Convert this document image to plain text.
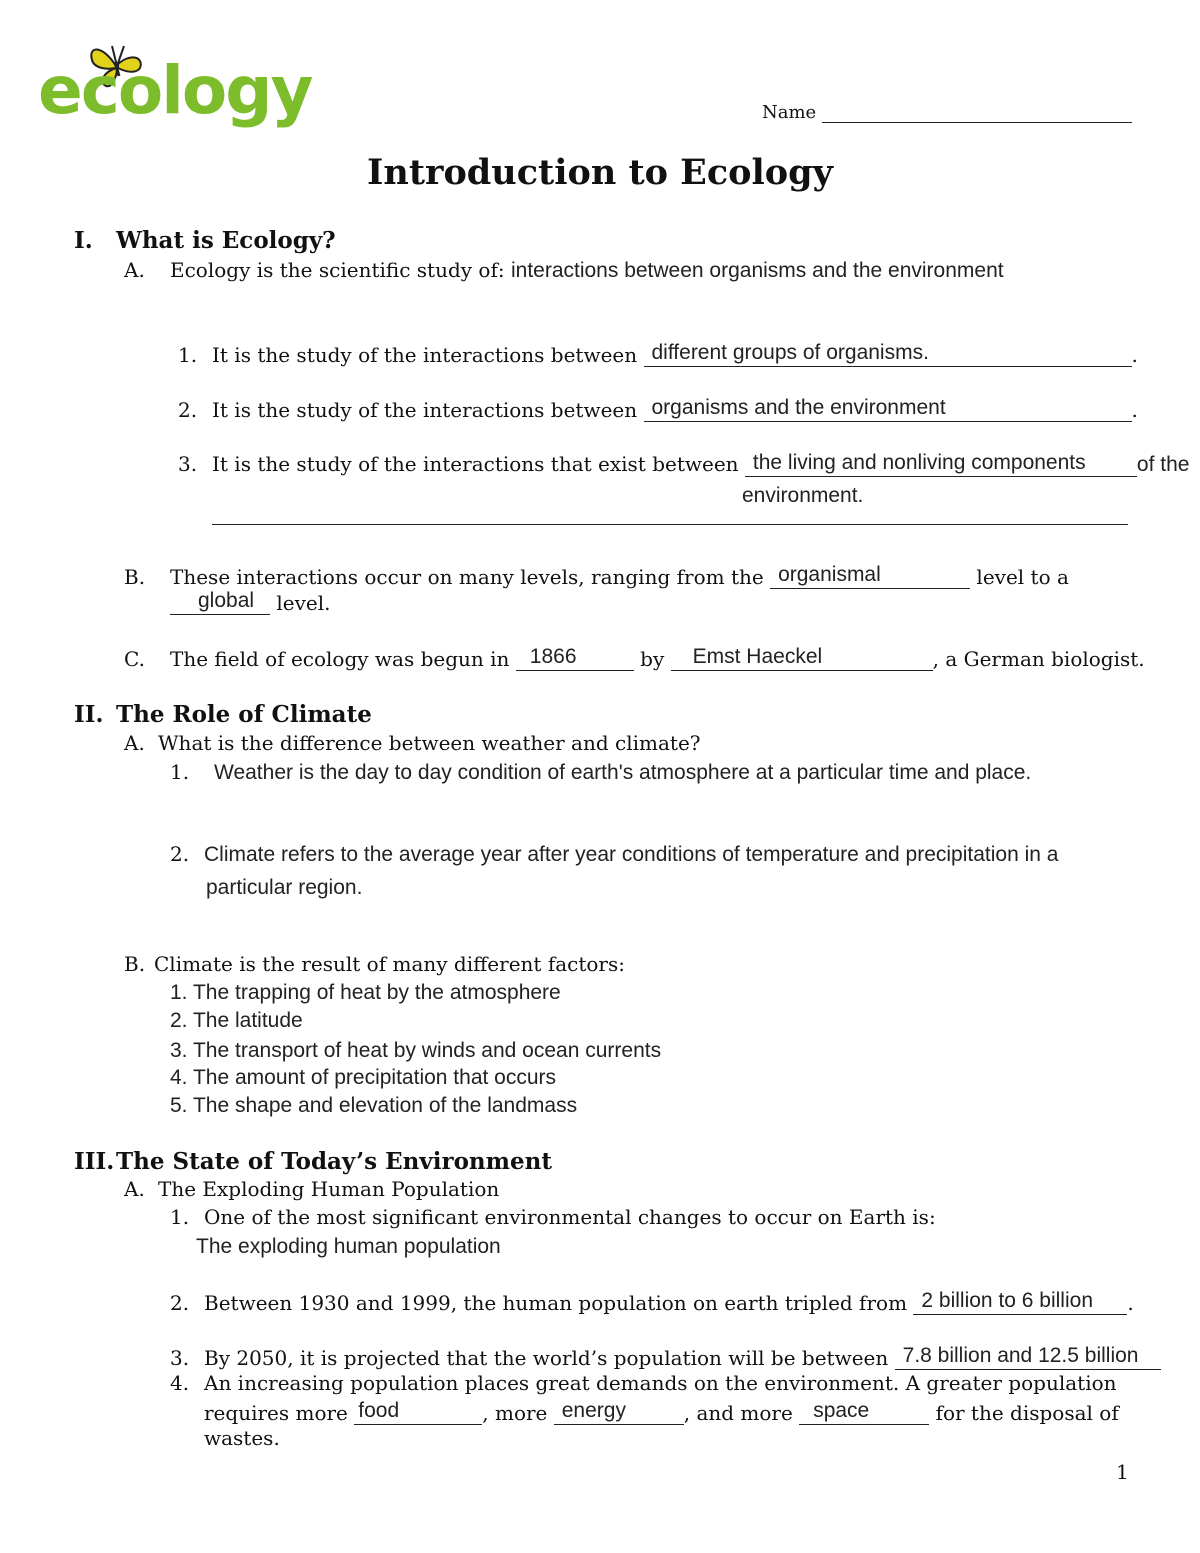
ecology	Name
Introduction to Ecology
I. What is Ecology?
A. Ecology is the scientific study of: interactions between organisms and the environment
1. It is the study of the interactions between different groups of organisms.	.
2. It is the study of the interactions between organisms and the environment	.
3. It is the study of the interactions that exist between the living and nonliving components of the
environment.
B. These interactions occur on many levels, ranging from the organismal	level to a
global level.
C. The field of ecology was begun in 1866	by Emst Haeckel	, a German biologist.
II. The Role of Climate
A. What is the difference between weather and climate?
1. Weather is the day to day condition of earth's atmosphere at a particular time and place.
2. Climate refers to the average year after year conditions of temperature and precipitation in a
particular region.
B. Climate is the result of many different factors:
1. The trapping of heat by the atmosphere
2. The latitude
3. The transport of heat by winds and ocean currents
4. The amount of precipitation that occurs
5. The shape and elevation of the landmass
III.The State of Today’s Environment
A. The Exploding Human Population
1. One of the most significant environmental changes to occur on Earth is:
The exploding human population
2. Between 1930 and 1999, the human population on earth tripled from 2 billion to 6 billion .
3. By 2050, it is projected that the world’s population will be between 7.8 billion and 12.5 billion
4. An increasing population places great demands on the environment. A greater population
requires more food	, more energy	, and more space	for the disposal of
wastes.
1
